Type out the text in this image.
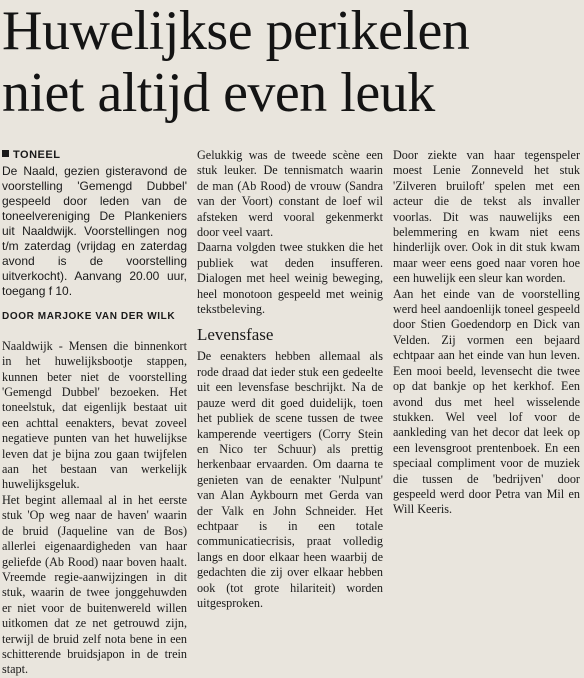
Huwelijkse perikelen
niet altijd even leuk
TONEEL

De Naald, gezien gisteravond de voorstelling 'Gemengd Dubbel' gespeeld door leden van de toneelvereniging De Plankeniers uit Naaldwijk. Voorstellingen nog t/m zaterdag (vrijdag en zaterdag avond is de voorstelling uitverkocht). Aanvang 20.00 uur, toegang f 10.

DOOR MARJOKE VAN DER WILK

Naaldwijk - Mensen die binnenkort in het huwelijksbootje stappen, kunnen beter niet de voorstelling 'Gemengd Dubbel' bezoeken. Het toneelstuk, dat eigenlijk bestaat uit een achttal eenakters, bevat zoveel negatieve punten van het huwelijkse leven dat je bijna zou gaan twijfelen aan het bestaan van werkelijk huwelijksgeluk.

Het begint allemaal al in het eerste stuk 'Op weg naar de haven' waarin de bruid (Jaqueline van de Bos) allerlei eigenaardigheden van haar geliefde (Ab Rood) naar boven haalt. Vreemde regie-aanwijzingen in dit stuk, waarin de twee jonggehuwden er niet voor de buitenwereld willen uitkomen dat ze net getrouwd zijn, terwijl de bruid zelf nota bene in een schitterende bruidsjapon in de trein stapt.

Gelukkig was de tweede scène een stuk leuker. De tennismatch waarin de man (Ab Rood) de vrouw (Sandra van der Voort) constant de loef wil afsteken werd vooral gekenmerkt door veel vaart.

Daarna volgden twee stukken die het publiek wat deden insufferen. Dialogen met heel weinig beweging, heel monotoon gespeeld met weinig tekstbeleving.

Levensfase

De eenakters hebben allemaal als rode draad dat ieder stuk een gedeelte uit een levensfase beschrijkt. Na de pauze werd dit goed duidelijk, toen het publiek de scene tussen de twee kamperende veertigers (Corry Stein en Nico ter Schuur) als prettig herkenbaar ervaarden. Om daarna te genieten van de eenakter 'Nulpunt' van Alan Aykbourn met Gerda van der Valk en John Schneider. Het echtpaar is in een totale communicatiecrisis, praat volledig langs en door elkaar heen waarbij de gedachten die zij over elkaar hebben ook (tot grote hilariteit) worden uitgesproken.

Door ziekte van haar tegenspeler moest Lenie Zonneveld het stuk 'Zilveren bruiloft' spelen met een acteur die de tekst als invaller voorlas. Dit was nauwelijks een belemmering en kwam niet eens hinderlijk over. Ook in dit stuk kwam maar weer eens goed naar voren hoe een huwelijk een sleur kan worden.

Aan het einde van de voorstelling werd heel aandoenlijk toneel gespeeld door Stien Goedendorp en Dick van Velden. Zij vormen een bejaard echtpaar aan het einde van hun leven. Een mooi beeld, levensecht die twee op dat bankje op het kerkhof. Een avond dus met heel wisselende stukken. Wel veel lof voor de aankleding van het decor dat leek op een levensgroot prentenboek. En een speciaal compliment voor de muziek die tussen de 'bedrijven' door gespeeld werd door Petra van Mil en Will Keeris.
